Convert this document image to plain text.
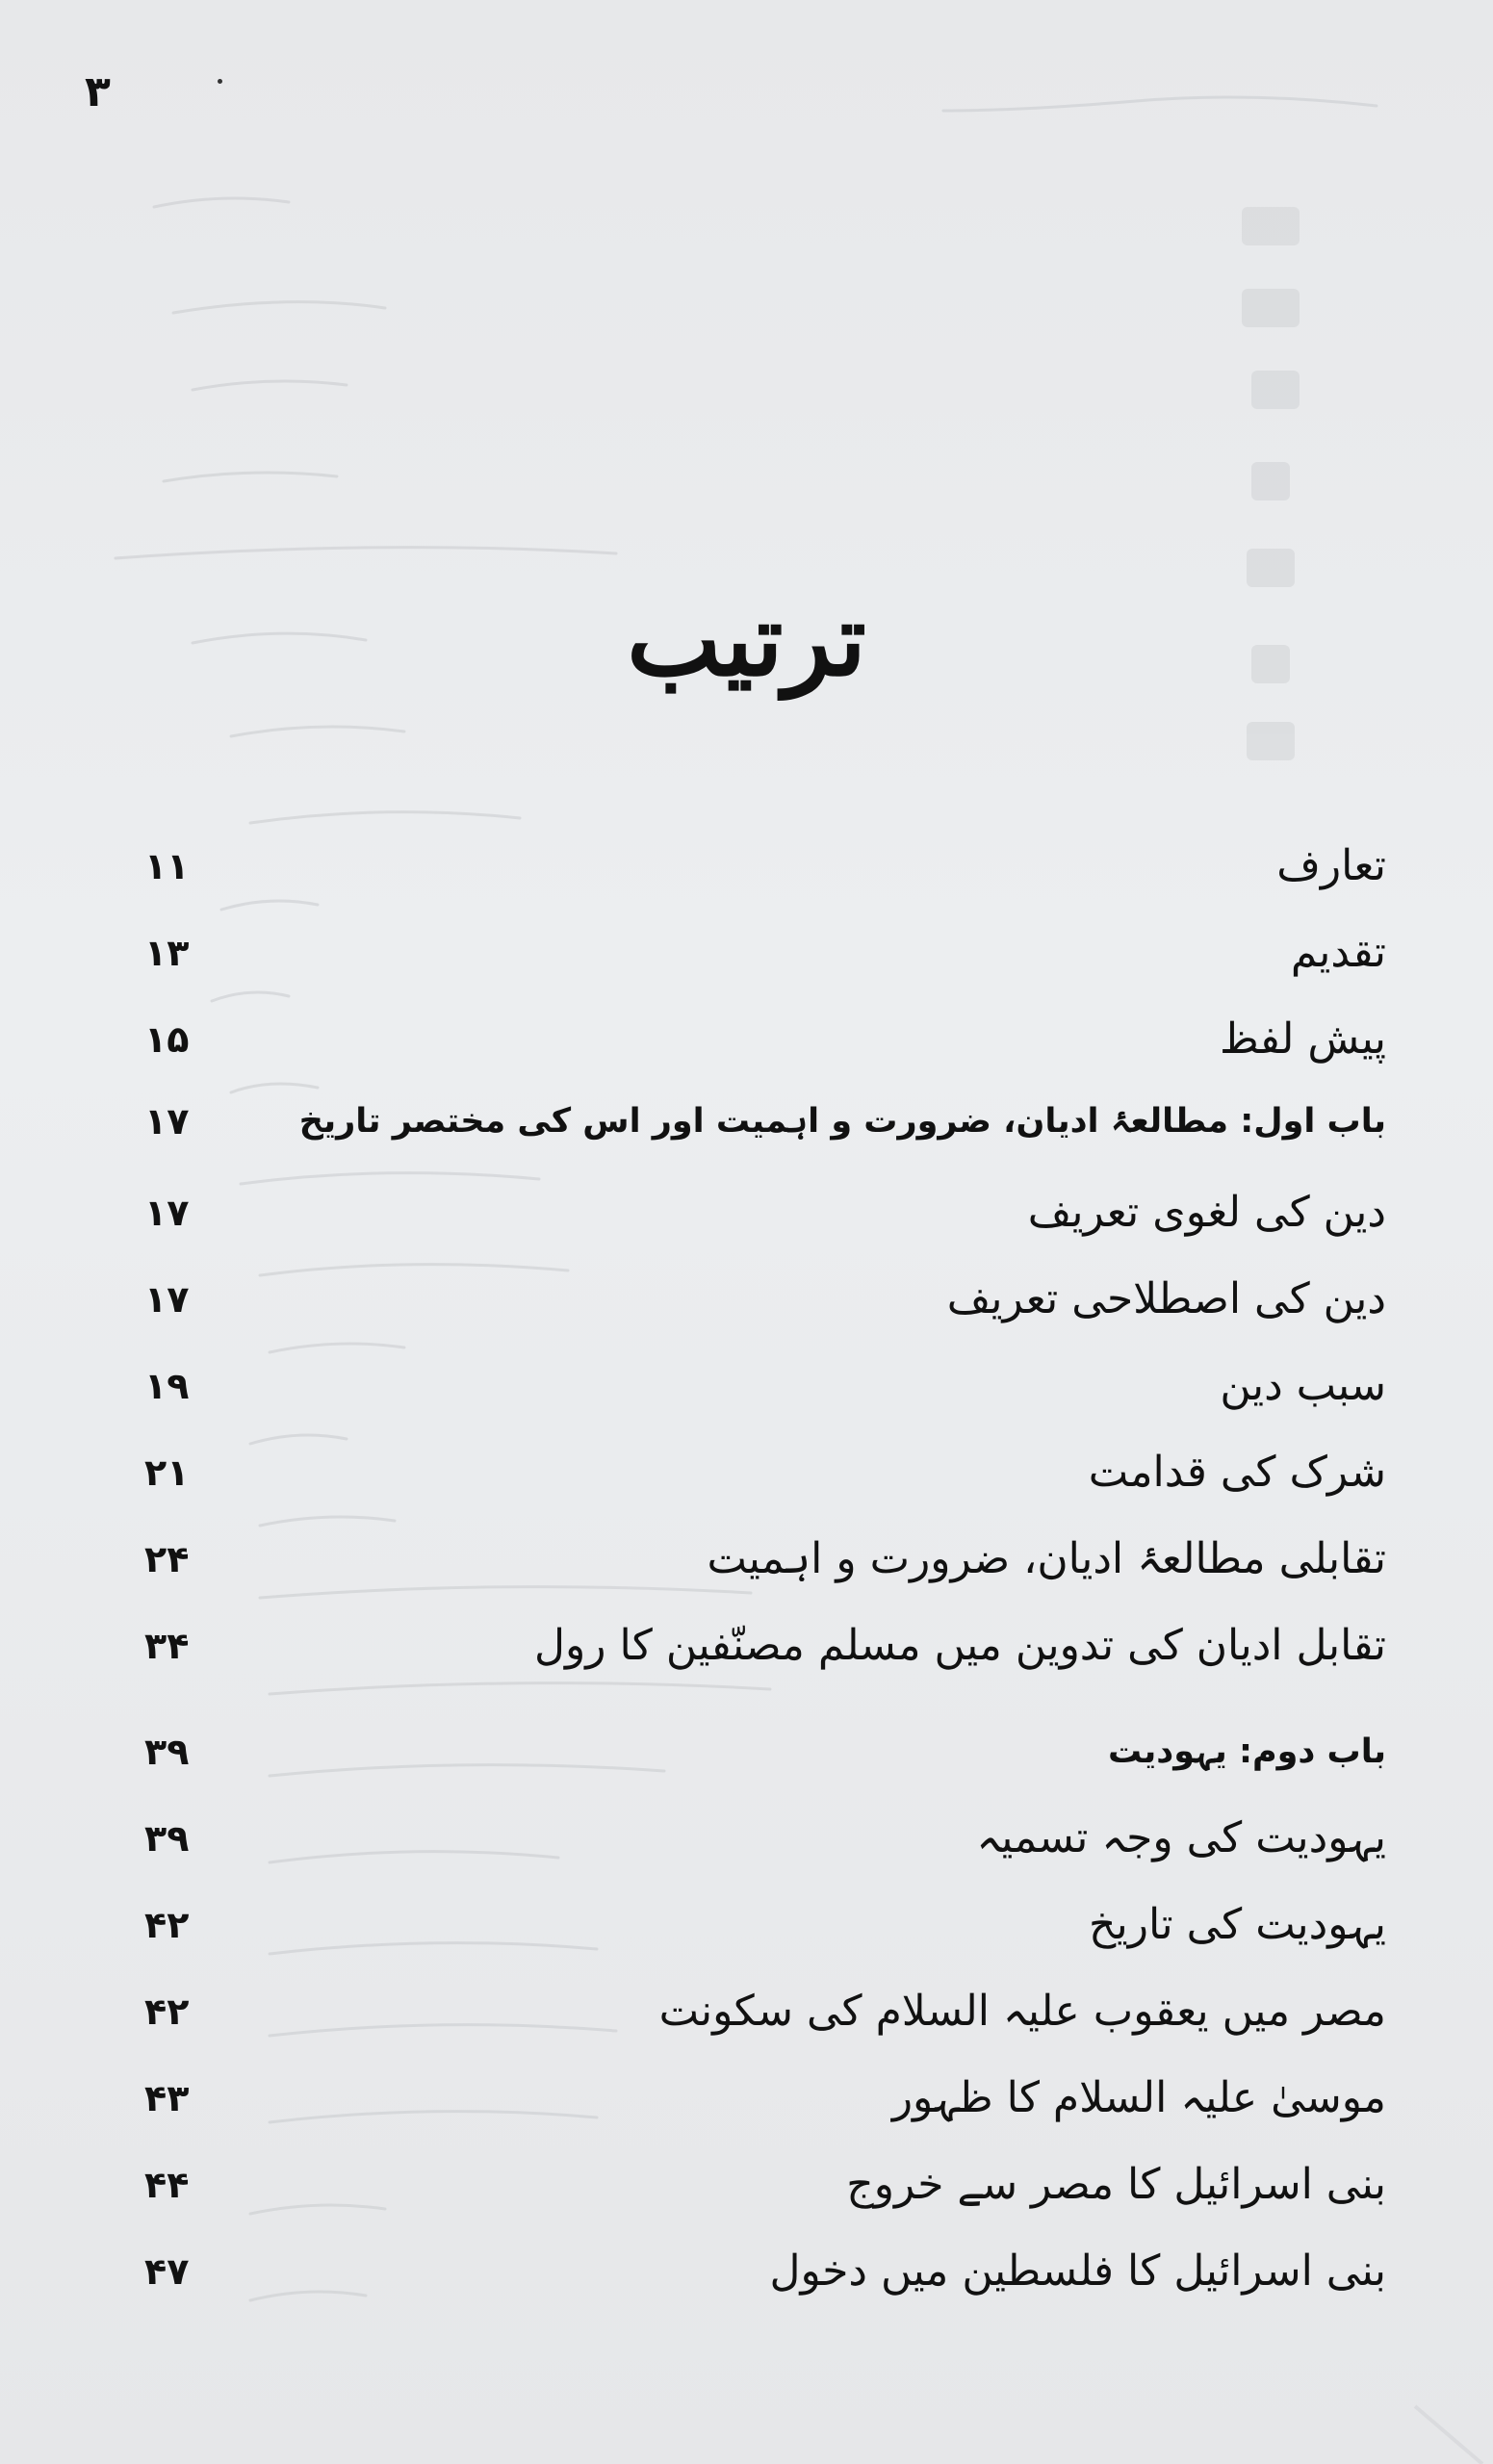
۳
ترتیب
تعارف
۱۱
تقدیم
۱۳
پیش لفظ
۱۵
باب اول: مطالعۂ ادیان، ضرورت و اہمیت اور اس کی مختصر تاریخ
۱۷
دین کی لغوی تعریف
۱۷
دین کی اصطلاحی تعریف
۱۷
سبب دین
۱۹
شرک کی قدامت
۲۱
تقابلی مطالعۂ ادیان، ضرورت و اہمیت
۲۴
تقابل ادیان کی تدوین میں مسلم مصنّفین کا رول
۳۴
باب دوم: یہودیت
۳۹
یہودیت کی وجہ تسمیہ
۳۹
یہودیت کی تاریخ
۴۲
مصر میں یعقوب علیہ السلام کی سکونت
۴۲
موسیٰ علیہ السلام کا ظہور
۴۳
بنی اسرائیل کا مصر سے خروج
۴۴
بنی اسرائیل کا فلسطین میں دخول
۴۷
